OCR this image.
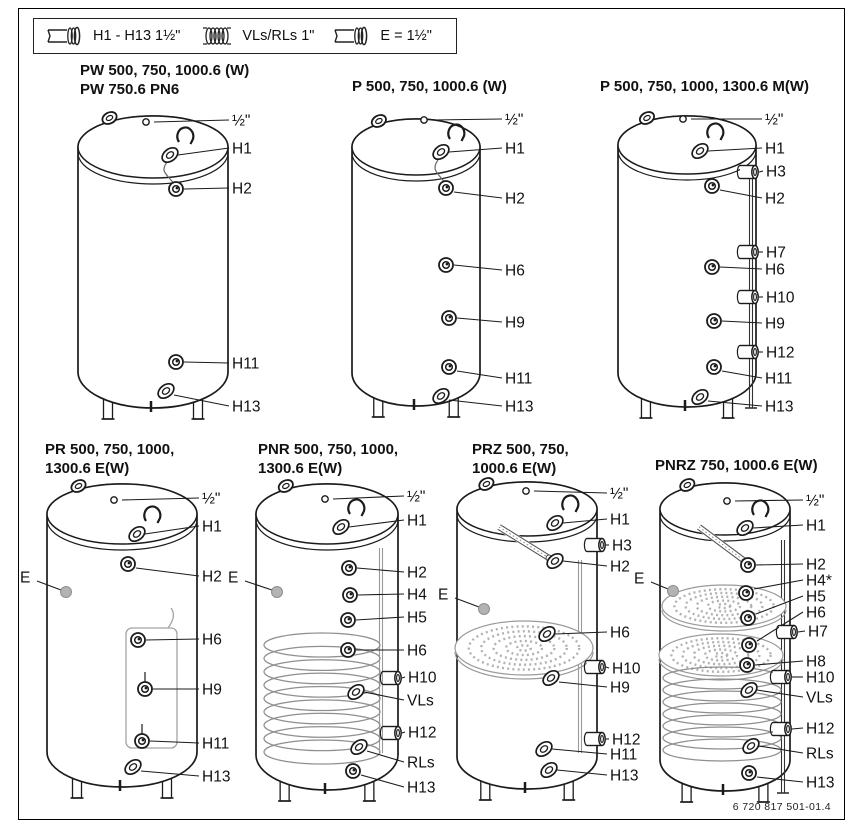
H1 - H13 1½"	VLs/RLs 1"	E = 1½"
½"
H1
H2
H11
H13
½"
H1
H2
H6
H9
H11
H13
½"
H1
H3
H2
H7
H6
H10
H9
H12
H11
H13
½"
H1
H2
E
H6
H9
H11
H13
½"
H1
H2
H4
H5
E
H6
H10
VLs
H12
RLs
H13
½"
H1
H3
H2
E
H6
H10
H9
H12
H11
H13
½"
H1
H2
H4*
H5
H6
E
H7
H8
H10
VLs
H12
RLs
H13
6 720 817 501-01.4
PW 500, 750, 1000.6 (W)
PW 750.6 PN6	P 500, 750, 1000.6 (W)	P 500, 750, 1000, 1300.6 M(W)
PR 500, 750, 1000,
1300.6 E(W)
PNR 500, 750, 1000,
1300.6 E(W)
PRZ 500, 750,
1000.6 E(W)	PNRZ 750, 1000.6 E(W)
